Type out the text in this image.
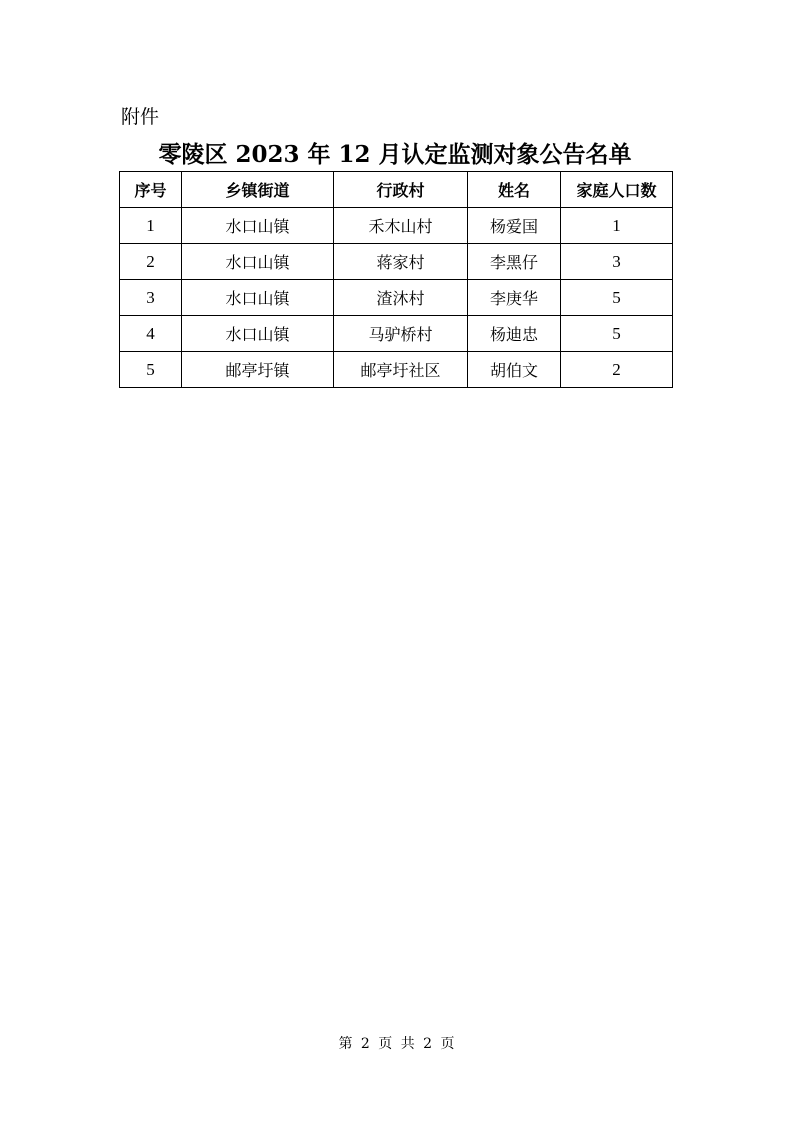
附件
零陵区 2023 年 12 月认定监测对象公告名单
序号	乡镇街道	行政村	姓名	家庭人口数
1	水口山镇	禾木山村	杨爱国	1
2	水口山镇	蒋家村	李黑仔	3
3	水口山镇	渣沐村	李庚华	5
4	水口山镇	马驴桥村	杨迪忠	5
5	邮亭圩镇	邮亭圩社区	胡伯文	2
第 2 页 共 2 页
